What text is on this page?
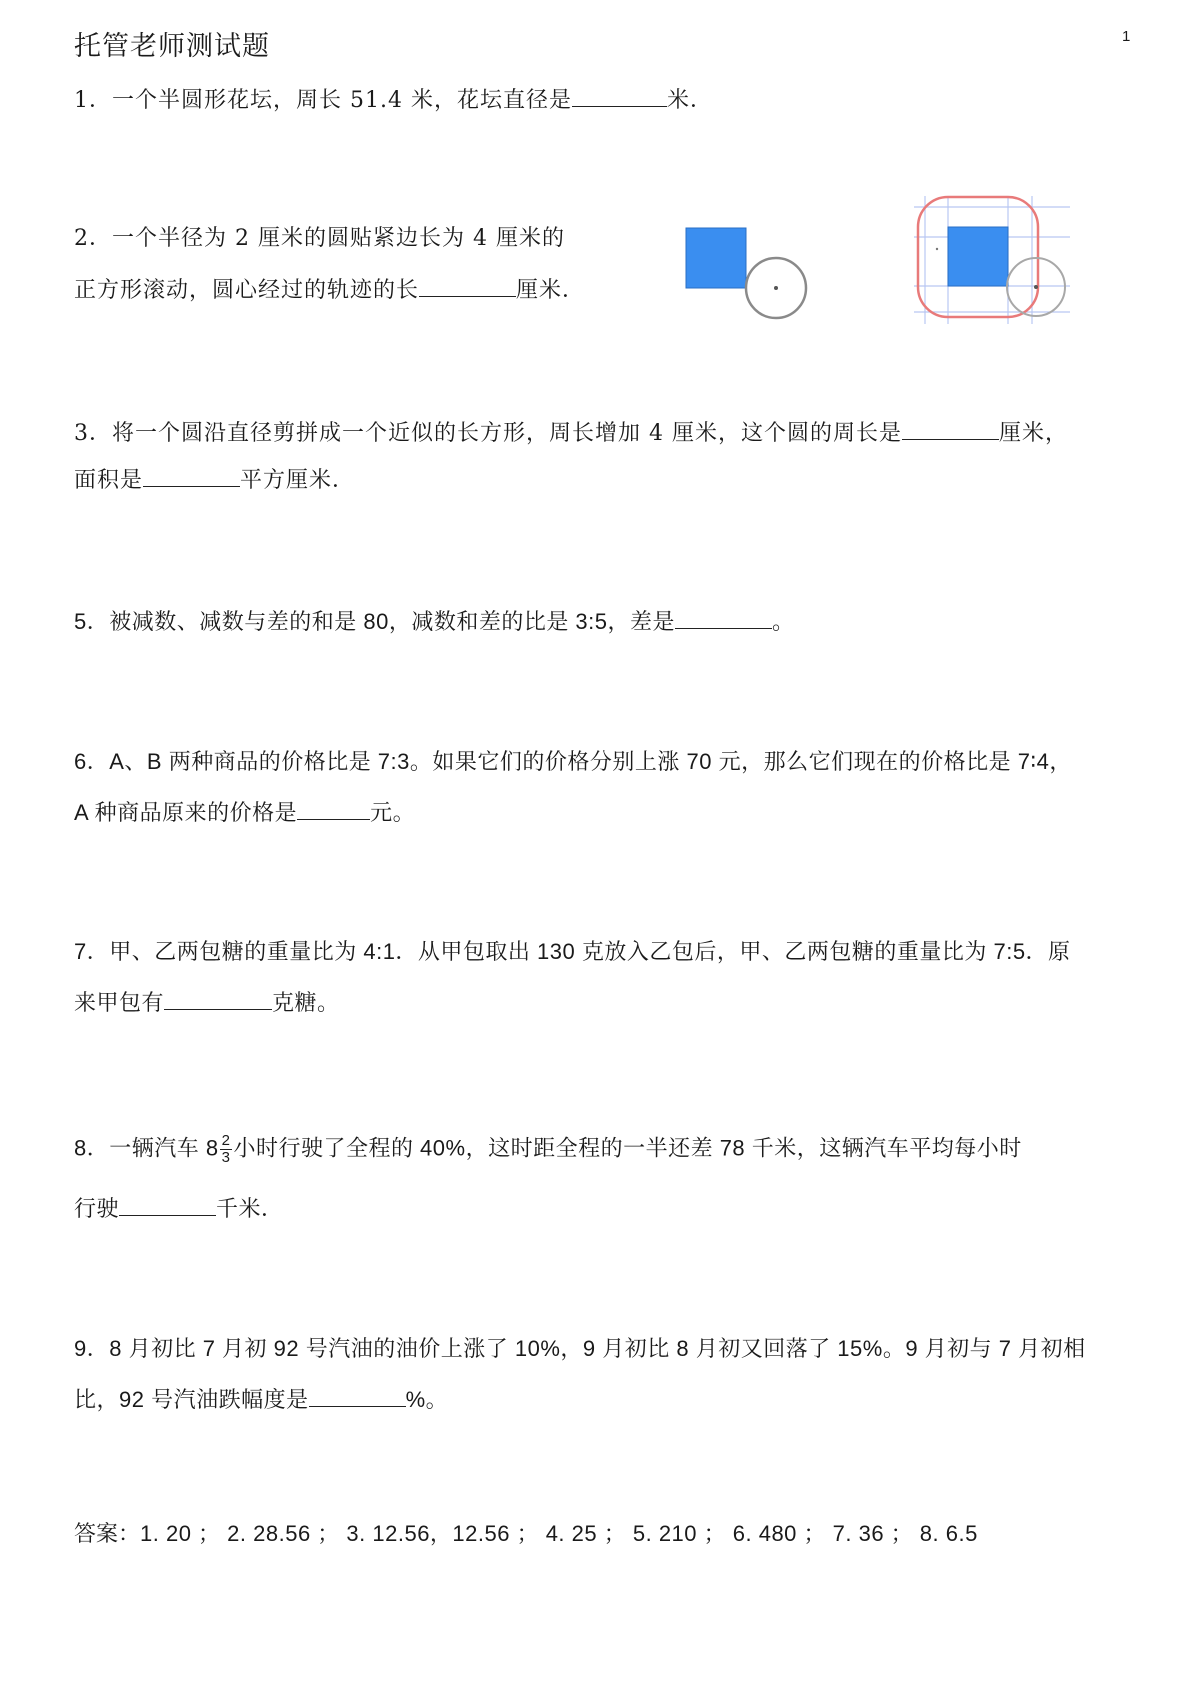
托管老师测试题	1
1．一个半圆形花坛，周长 51.4 米，花坛直径是	米．
2．一个半径为 2 厘米的圆贴紧边长为 4 厘米的
正方形滚动，圆心经过的轨迹的长	厘米．
3．将一个圆沿直径剪拼成一个近似的长方形，周长增加 4 厘米，这个圆的周长是	厘米，
面积是	平方厘米．
5．被减数、减数与差的和是 80，减数和差的比是 3:5，差是	。
6．A、B 两种商品的价格比是 7:3。如果它们的价格分别上涨 70 元，那么它们现在的价格比是 7∶4，
A 种商品原来的价格是	元。
7．甲、乙两包糖的重量比为 4:1．从甲包取出 130 克放入乙包后，甲、乙两包糖的重量比为 7:5．原
来甲包有	克糖。
8．一辆汽车 $8 \frac{2}{3}$ 小时行驶了全程的 40%，这时距全程的一半还差 78 千米，这辆汽车平均每小时
行驶	千米．
9．8 月初比 7 月初 92 号汽油的油价上涨了 10%，9 月初比 8 月初又回落了 15%。9 月初与 7 月初相
比，92 号汽油跌幅度是	%。
答案：1. 20 ； 2. 28.56 ； 3. 12.56，12.56 ； 4. 25 ； 5. 210 ； 6. 480 ； 7. 36 ； 8. 6.5
